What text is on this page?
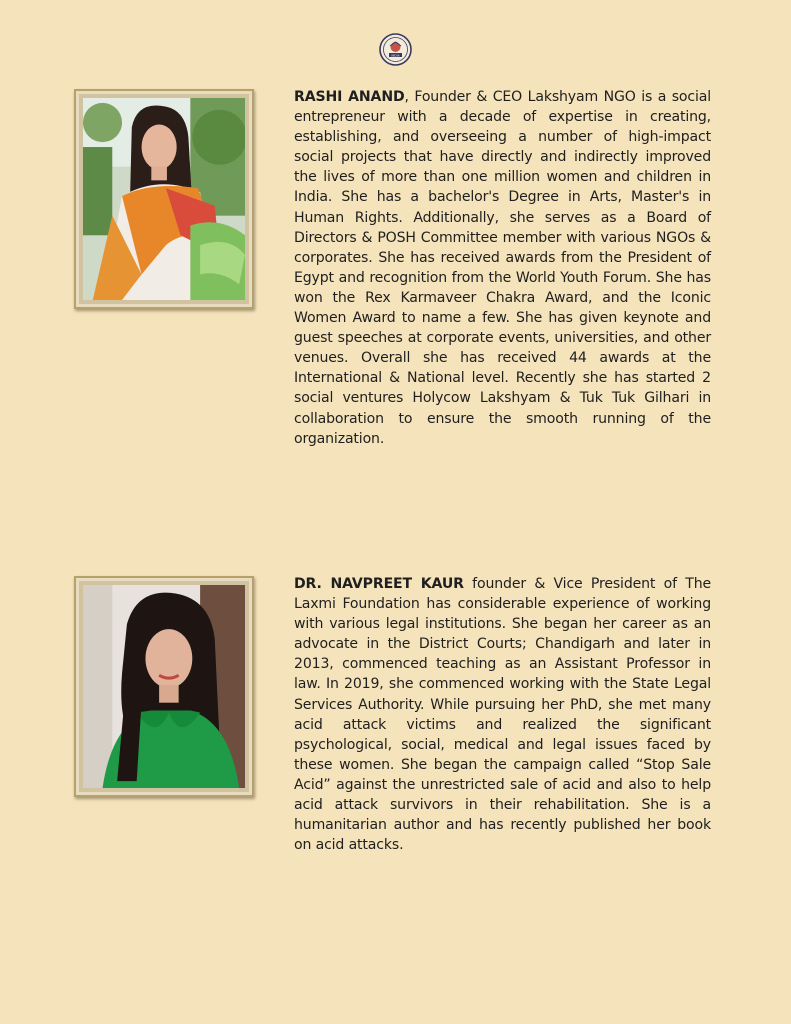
INDIA

RASHI ANAND, Founder & CEO Lakshyam NGO is a social entrepreneur with a decade of expertise in creating, establishing, and overseeing a number of high-impact social projects that have directly and indirectly improved the lives of more than one million women and children in India. She has a bachelor's Degree in Arts, Master's in Human Rights. Additionally, she serves as a Board of Directors & POSH Committee member with various NGOs & corporates. She has received awards from the President of Egypt and recognition from the World Youth Forum. She has won the Rex Karmaveer Chakra Award, and the Iconic Women Award to name a few. She has given keynote and guest speeches at corporate events, universities, and other venues. Overall she has received 44 awards at the International & National level. Recently she has started 2 social ventures Holycow Lakshyam & Tuk Tuk Gilhari in collaboration to ensure the smooth running of the organization.

DR. NAVPREET KAUR founder & Vice President of The Laxmi Foundation has considerable experience of working with various legal institutions. She began her career as an advocate in the District Courts; Chandigarh and later in 2013, commenced teaching as an Assistant Professor in law. In 2019, she commenced working with the State Legal Services Authority. While pursuing her PhD, she met many acid attack victims and realized the significant psychological, social, medical and legal issues faced by these women. She began the campaign called “Stop Sale Acid” against the unrestricted sale of acid and also to help acid attack survivors in their rehabilitation. She is a humanitarian author and has recently published her book on acid attacks.
